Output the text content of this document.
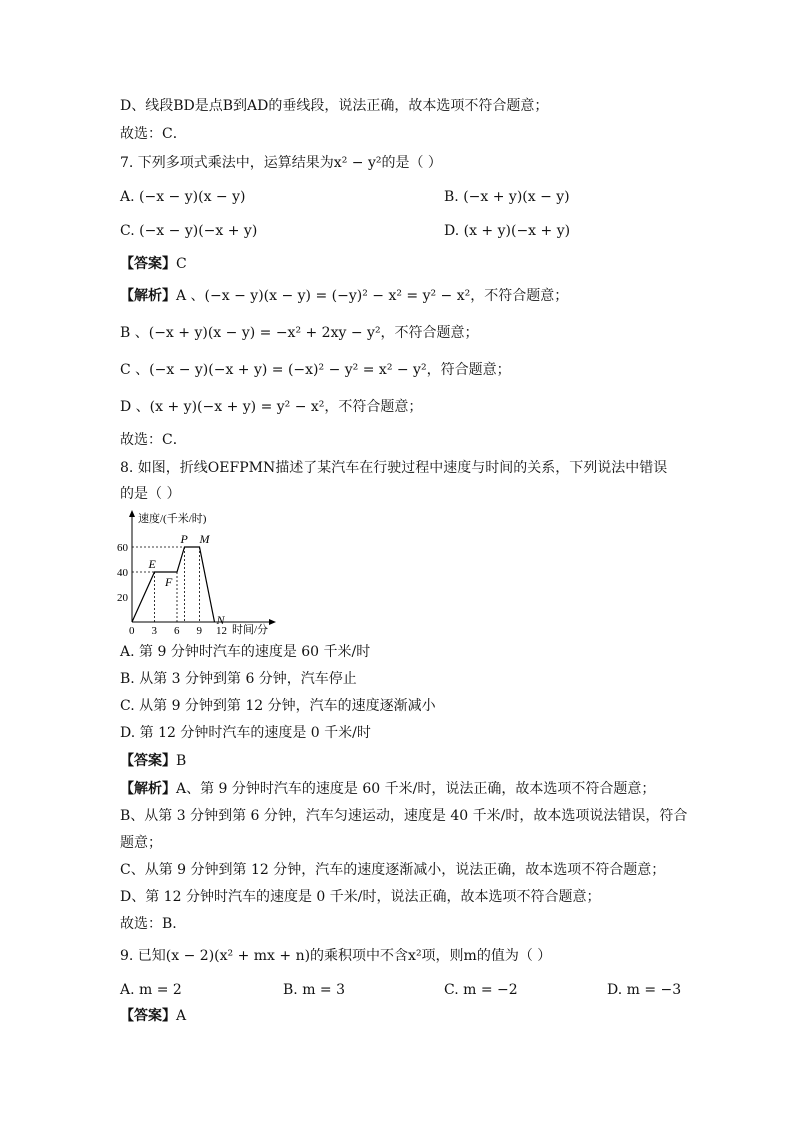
D、线段BD是点B到AD的垂线段，说法正确，故本选项不符合题意；
故选：C．
7. 下列多项式乘法中，运算结果为x² − y²的是（ ）
A. (−x − y)(x − y)	B. (−x + y)(x − y)
C. (−x − y)(−x + y)	D. (x + y)(−x + y)
【答案】C
【解析】A 、(−x − y)(x − y) = (−y)² − x² = y² − x²，不符合题意；
B 、(−x + y)(x − y) = −x² + 2xy − y²，不符合题意；
C 、(−x − y)(−x + y) = (−x)² − y² = x² − y²，符合题意；
D 、(x + y)(−x + y) = y² − x²，不符合题意；
故选：C．
8. 如图，折线OEFPMN描述了某汽车在行驶过程中速度与时间的关系，下列说法中错误
的是（ ）
速度/(千米/时)
时间/分
0 3 6 9 12
20
40
60
E
F
P M
N
A. 第 9 分钟时汽车的速度是 60 千米/时
B. 从第 3 分钟到第 6 分钟，汽车停止
C. 从第 9 分钟到第 12 分钟，汽车的速度逐渐减小
D. 第 12 分钟时汽车的速度是 0 千米/时
【答案】B
【解析】A、第 9 分钟时汽车的速度是 60 千米/时，说法正确，故本选项不符合题意；
B、从第 3 分钟到第 6 分钟，汽车匀速运动，速度是 40 千米/时，故本选项说法错误，符合
题意；
C、从第 9 分钟到第 12 分钟，汽车的速度逐渐减小，说法正确，故本选项不符合题意；
D、第 12 分钟时汽车的速度是 0 千米/时，说法正确，故本选项不符合题意；
故选：B.
9. 已知(x − 2)(x² + mx + n)的乘积项中不含x²项，则m的值为（ ）
A. m = 2	B. m = 3	C. m = −2	D. m = −3
【答案】A
